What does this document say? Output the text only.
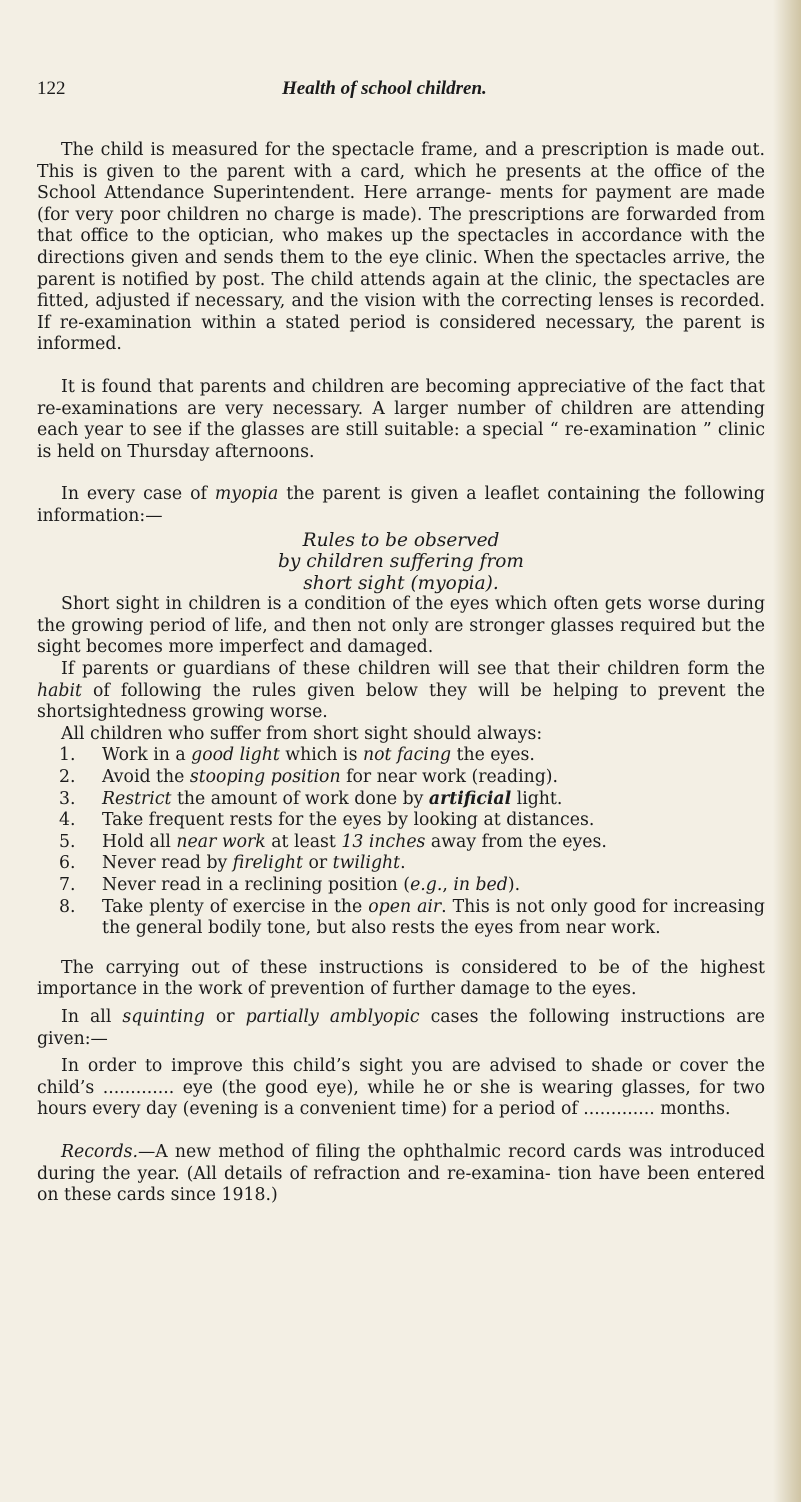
122	Health of school children.

The child is measured for the spectacle frame, and a prescription is made out. This is given to the parent with a card, which he presents at the office of the School Attendance Superintendent. Here arrange- ments for payment are made (for very poor children no charge is made). The prescriptions are forwarded from that office to the optician, who makes up the spectacles in accordance with the directions given and sends them to the eye clinic. When the spectacles arrive, the parent is notified by post. The child attends again at the clinic, the spectacles are fitted, adjusted if necessary, and the vision with the correcting lenses is recorded. If re-examination within a stated period is considered necessary, the parent is informed.

It is found that parents and children are becoming appreciative of the fact that re-examinations are very necessary. A larger number of children are attending each year to see if the glasses are still suitable: a special “ re-examination ” clinic is held on Thursday afternoons.

In every case of myopia the parent is given a leaflet containing the following information:—

Rules to be observed

by children suffering from

short sight (myopia).

Short sight in children is a condition of the eyes which often gets worse during the growing period of life, and then not only are stronger glasses required but the sight becomes more imperfect and damaged.

If parents or guardians of these children will see that their children form the habit of following the rules given below they will be helping to prevent the shortsightedness growing worse.

All children who suffer from short sight should always:

1. Work in a good light which is not facing the eyes.
2. Avoid the stooping position for near work (reading).
3. Restrict the amount of work done by artificial light.
4. Take frequent rests for the eyes by looking at distances.
5. Hold all near work at least 13 inches away from the eyes.
6. Never read by firelight or twilight.
7. Never read in a reclining position (e.g., in bed).
8. Take plenty of exercise in the open air. This is not only good for increasing the general bodily tone, but also rests the eyes from near work.

The carrying out of these instructions is considered to be of the highest importance in the work of prevention of further damage to the eyes.

In all squinting or partially amblyopic cases the following instructions are given:—

In order to improve this child’s sight you are advised to shade or cover the child’s ............. eye (the good eye), while he or she is wearing glasses, for two hours every day (evening is a convenient time) for a period of ............. months.

Records.—A new method of filing the ophthalmic record cards was introduced during the year. (All details of refraction and re-examina- tion have been entered on these cards since 1918.)
